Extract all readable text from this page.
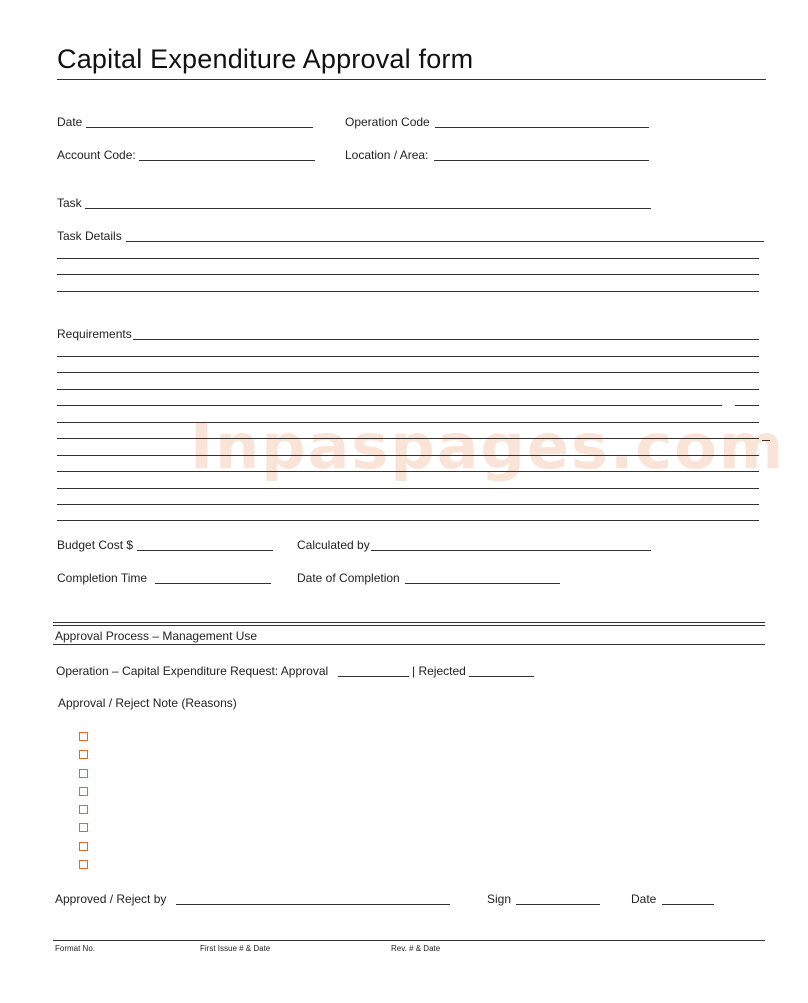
Capital Expenditure Approval form
Inpaspages.com
Date	Operation Code
Account Code:	Location / Area:
Task
Task Details
Requirements
Budget Cost $	Calculated by
Completion Time	Date of Completion
Approval Process – Management Use
Operation – Capital Expenditure Request: Approval	| Rejected
Approval / Reject Note (Reasons)
Approved / Reject by	Sign	Date
Format No.	First Issue # & Date	Rev. # & Date
